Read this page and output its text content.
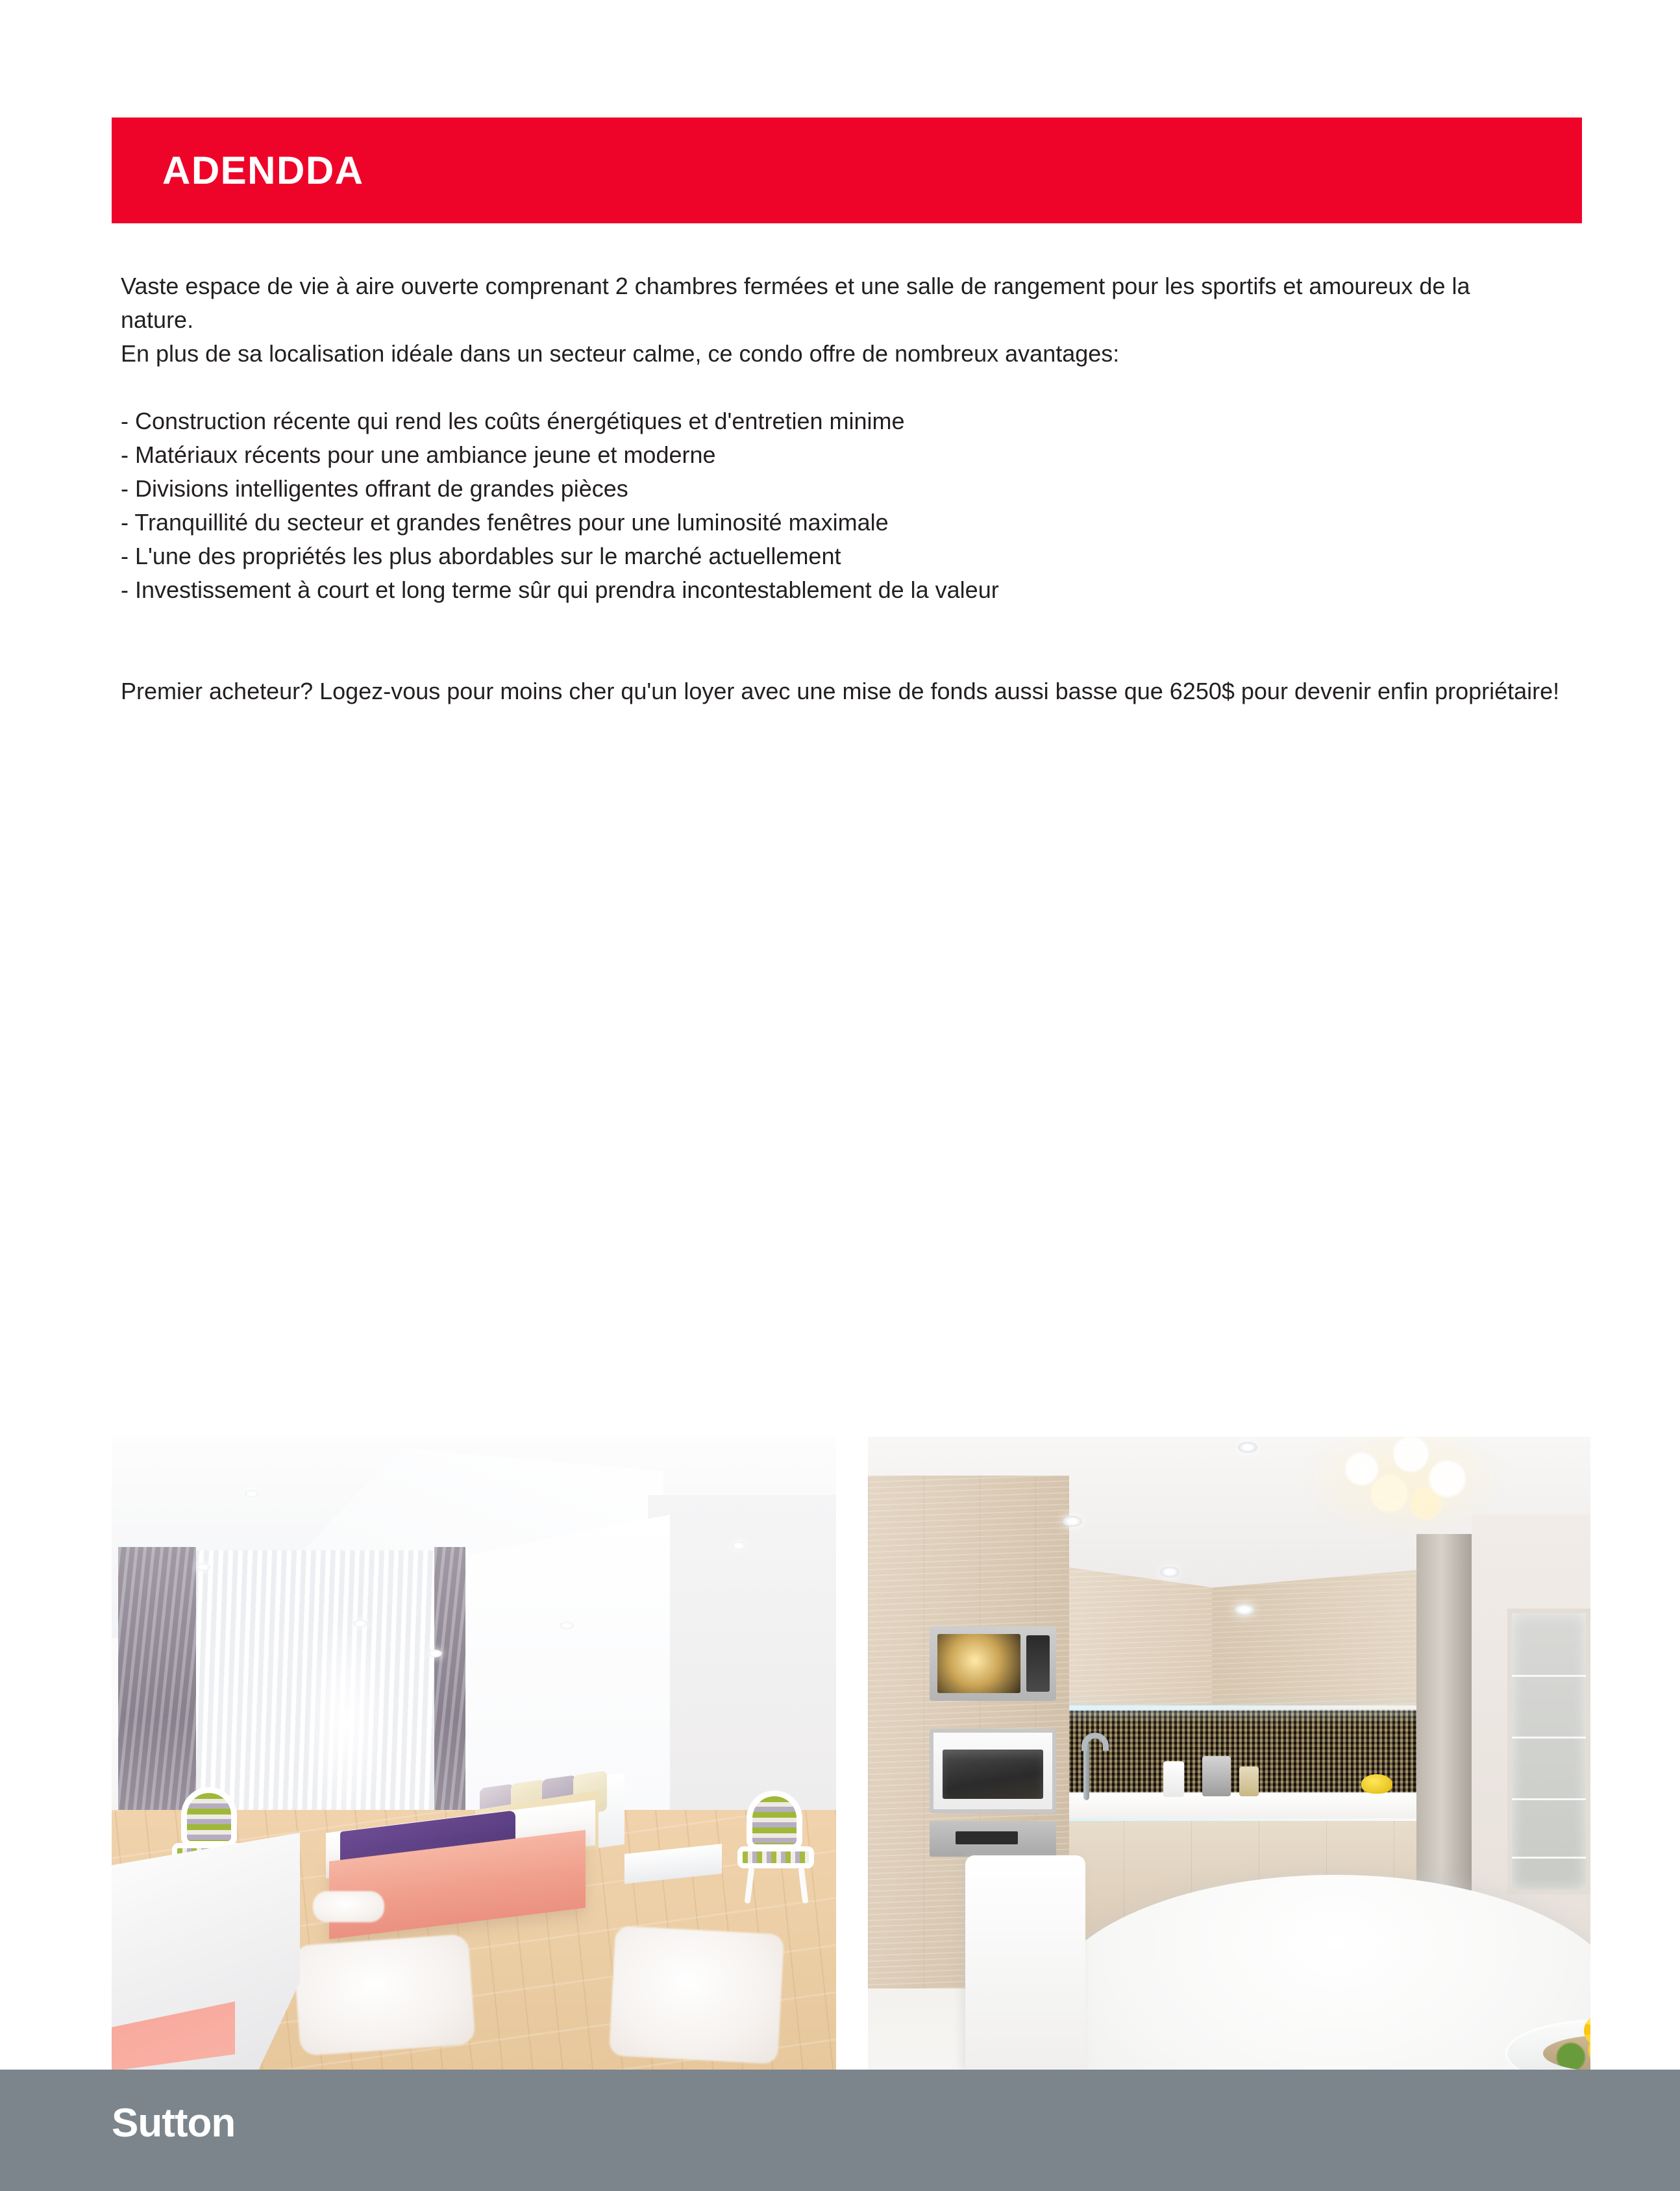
ADENDDA

Vaste espace de vie à aire ouverte comprenant 2 chambres fermées et une salle de rangement pour les sportifs et amoureux de la nature.

En plus de sa localisation idéale dans un secteur calme, ce condo offre de nombreux avantages:

- Construction récente qui rend les coûts énergétiques et d'entretien minime
- Matériaux récents pour une ambiance jeune et moderne
- Divisions intelligentes offrant de grandes pièces
- Tranquillité du secteur et grandes fenêtres pour une luminosité maximale
- L'une des propriétés les plus abordables sur le marché actuellement
- Investissement à court et long terme sûr qui prendra incontestablement de la valeur

Premier acheteur? Logez-vous pour moins cher qu'un loyer avec une mise de fonds aussi basse que 6250$ pour devenir enfin propriétaire!

Sutton
